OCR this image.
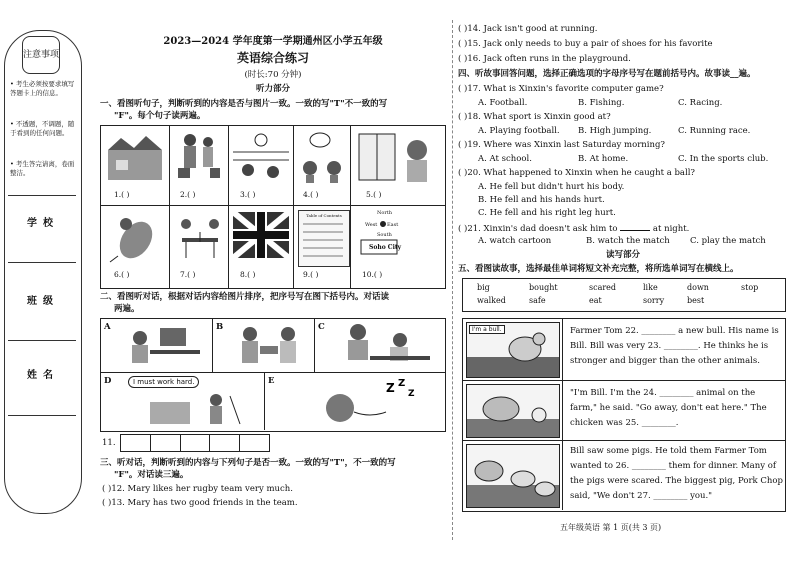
注意事项
• 考生必须按要求填写答题卡上的信息。
• 不透题，不调题，随于看到的任何问题。
• 考生答完请离，卷面整洁。
学校
班级
姓名
2023—2024 学年度第一学期通州区小学五年级
英语综合练习
(时长:70 分钟)
听力部分
一、看图听句子，判断听到的内容是否与图片一致。一致的写"T"不一致的写
"F"。每个句子读两遍。
1.( )	2.( )	3.( )	4.( )	5.( )
Table of Contents	North
West East
South
Soho City
6.( )	7.( )	8.( )	9.( )	10.( )
二、看图听对话，根据对话内容给图片排序，把序号写在图下括号内。对话读
两遍。
A	B	C
D	I must work hard.	E	Z Z
Z
11.
三、听对话，判断听到的内容与下列句子是否一致。一致的写"T"，不一致的写
"F"。对话读三遍。
( )12. Mary likes her rugby team very much.
( )13. Mary has two good friends in the team.
( )14. Jack isn't good at running.
( )15. Jack only needs to buy a pair of shoes for his favorite
( )16. Jack often runs in the playground.
四、听故事回答问题，选择正确选项的字母序号写在题前括号内。故事读__遍。
( )17. What is Xinxin's favorite computer game?
A. Football.	B. Fishing.	C. Racing.
( )18. What sport is Xinxin good at?
A. Playing football. B. High jumping.	C. Running race.
( )19. Where was Xinxin last Saturday morning?
A. At school.	B. At home.	C. In the sports club.
( )20. What happened to Xinxin when he caught a ball?
A. He fell but didn't hurt his body.
B. He fell and his hands hurt.
C. He fell and his right leg hurt.
( )21. Xinxin's dad doesn't ask him to	at night.
A. watch cartoon	B. watch the match C. play the match
读写部分
五、看图读故事，选择最佳单词将短文补充完整，将所选单词写在横线上。
big	bought	scared	like	down	stop
walked	safe	eat	sorry	best
I'm a bull.	Farmer Tom 22. ________ a new bull. His name is
Bill. Bill was very 23. ________. He thinks he is
stronger and bigger than the other animals.
"I'm Bill. I'm the 24. ________ animal on the
farm," he said. "Go away, don't eat here." The
chicken was 25. ________.
Bill saw some pigs. He told them Farmer Tom
wanted to 26. ________ them for dinner. Many of
the pigs were scared. The biggest pig, Pork Chop
said, "We don't 27. ________ you."
五年级英语 第 1 页(共 3 页)
